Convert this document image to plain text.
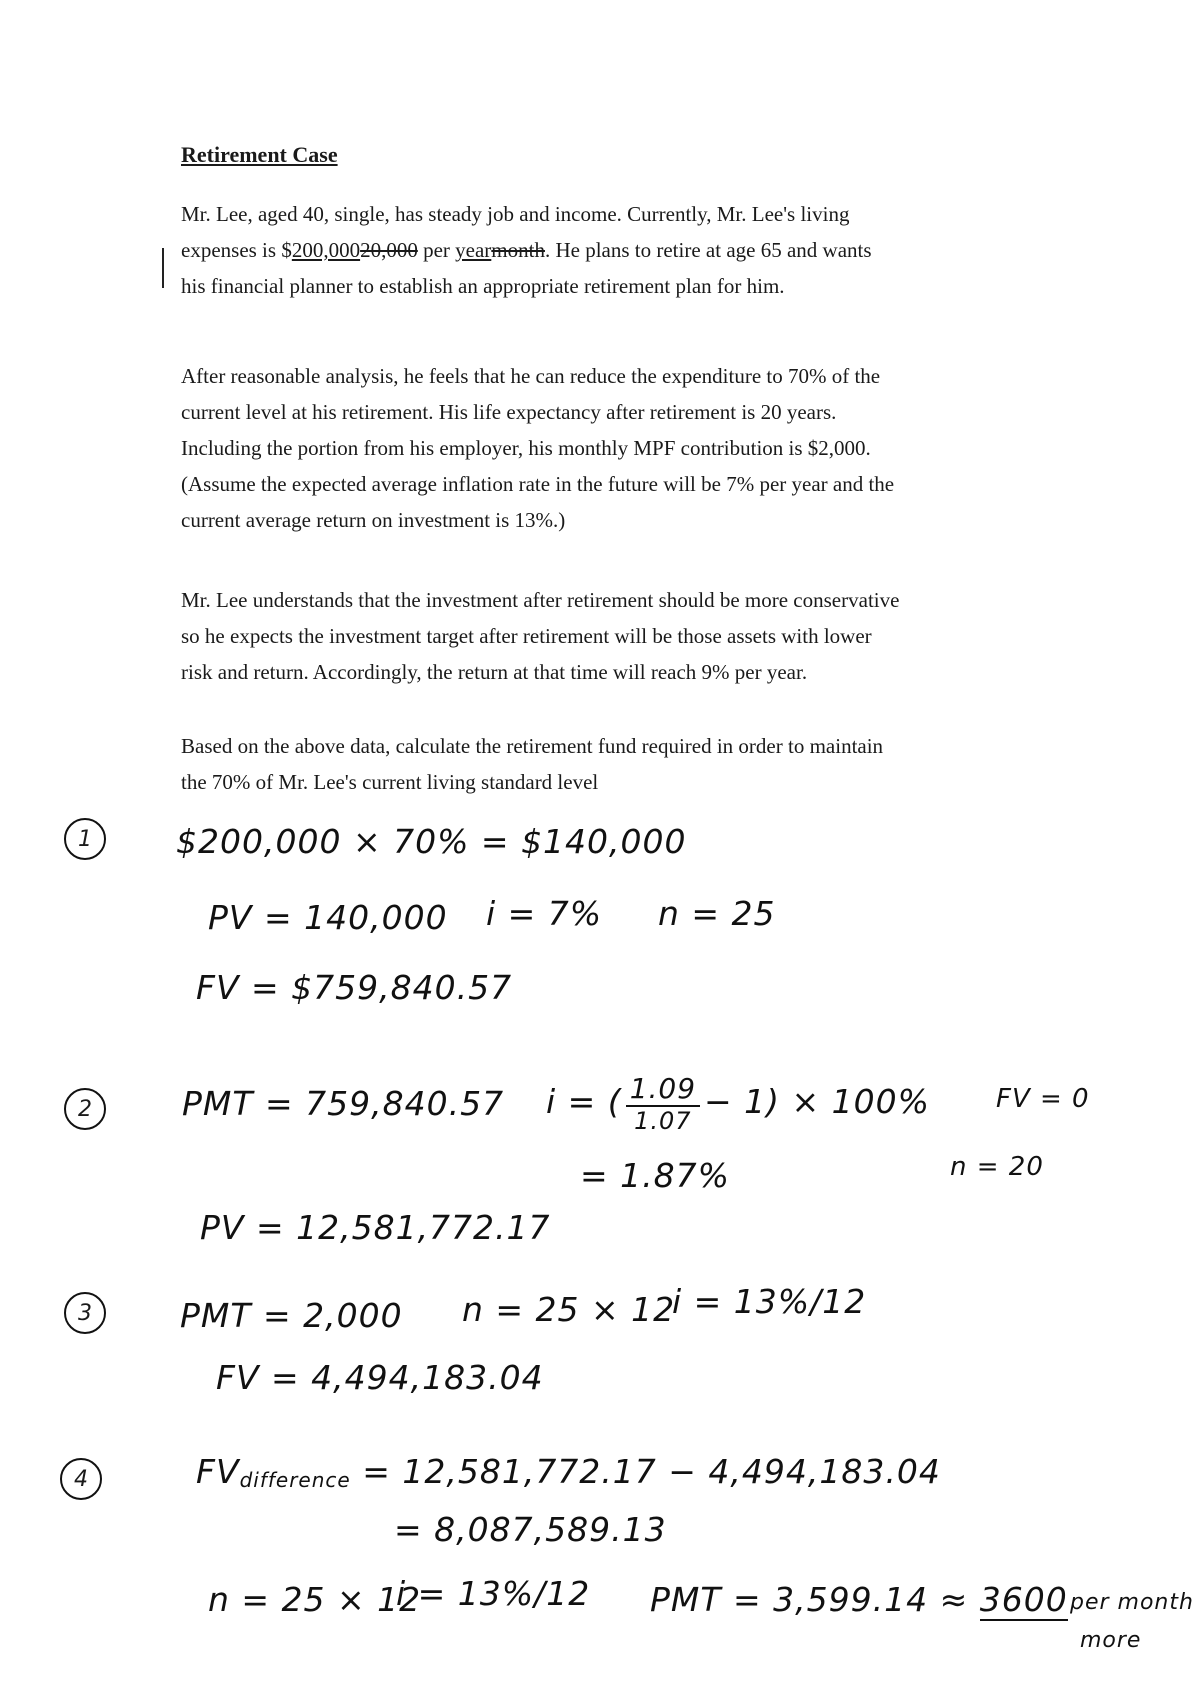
Retirement Case

Mr. Lee, aged 40, single, has steady job and income. Currently, Mr. Lee's living
expenses is $200,00020,000 per yearmonth. He plans to retire at age 65 and wants
his financial planner to establish an appropriate retirement plan for him.

After reasonable analysis, he feels that he can reduce the expenditure to 70% of the
current level at his retirement. His life expectancy after retirement is 20 years.
Including the portion from his employer, his monthly MPF contribution is $2,000.
(Assume the expected average inflation rate in the future will be 7% per year and the
current average return on investment is 13%.)

Mr. Lee understands that the investment after retirement should be more conservative
so he expects the investment target after retirement will be those assets with lower
risk and return. Accordingly, the return at that time will reach 9% per year.

Based on the above data, calculate the retirement fund required in order to maintain
the 70% of Mr. Lee's current living standard level

1	$200,000 × 70% = $140,000
PV = 140,000 i = 7% n = 25
FV = $759,840.57
2	PMT = 759,840.57 i = ( $\frac{1.09}{1.07} - 1) \times 100\%$	FV = 0
= 1.87%	n = 20
PV = 12,581,772.17
3	PMT = 2,000 n = 25 × 12
i = 13%/12
FV = 4,494,183.04
4	$FV_{difference} = 12,581,772.17 - 4,494,183.04$
= 8,087,589.13
n = 25 × 12
i = 13%/12 PMT = 3,599.14 ≈ 3600 per month
more
